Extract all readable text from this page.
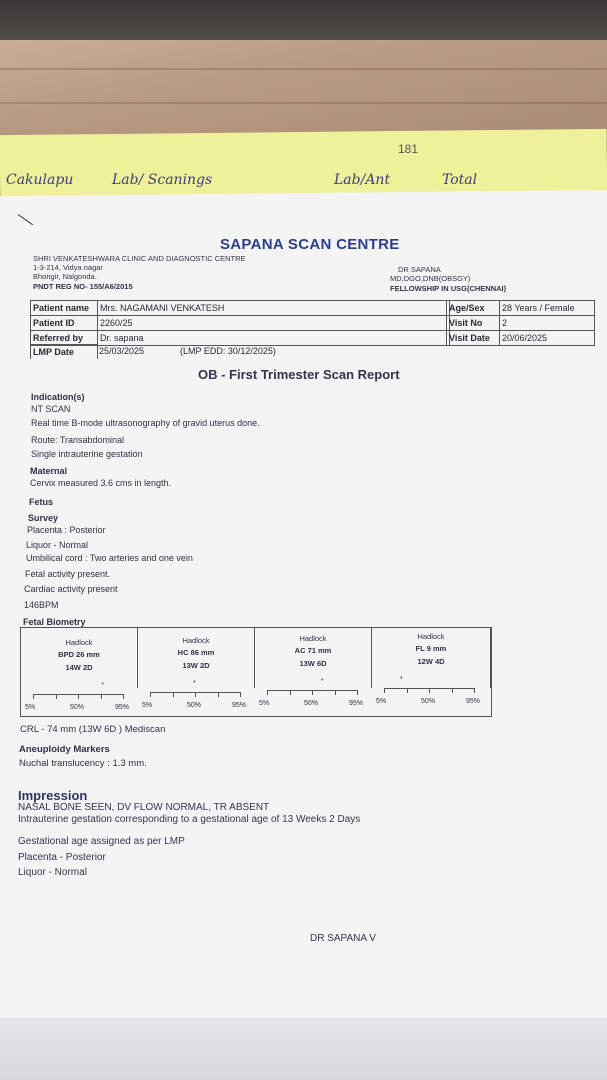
181
Cakulapu	Lab/ Scanings	Lab/Ant	Total
SAPANA SCAN CENTRE
SHRI VENKATESHWARA CLINIC AND DIAGNOSTIC CENTRE
1-3-214, Vidya nagar
Bhongir, Nalgonda.
PNDT REG NO- 155/A6/2015
DR SAPANA
MD,DGO,DNB(OBSGY)
FELLOWSHIP IN USG(CHENNAI)
Patient name	Mrs. NAGAMANI VENKATESH
Patient ID	2260/25
Referred by	Dr. sapana
LMP Date	25/03/2025	(LMP EDD: 30/12/2025)
Age/Sex	28 Years / Female
Visit No	2
Visit Date	20/06/2025
OB - First Trimester Scan Report
Indication(s)
NT SCAN
Real time B-mode ultrasonography of gravid uterus done.
Route: Transabdominal
Single intrauterine gestation
Maternal
Cervix measured 3.6 cms in length.
Fetus
Survey
Placenta : Posterior
Liquor - Normal
Umbilical cord : Two arteries and one vein
Fetal activity present.
Cardiac activity present
146BPM
Fetal Biometry
Hadlock
BPD 26 mm
14W 2D
Hadlock
HC 86 mm
13W 2D
Hadlock
AC 71 mm
13W 6D
Hadlock
FL 9 mm
12W 4D
*
5%	50%	95%
*
5%	50%	95%
*
5%	50%	95%
*
5%	50%	95%
CRL - 74 mm (13W 6D ) Mediscan
Aneuploidy Markers
Nuchal translucency : 1.3 mm.
Impression
NASAL BONE SEEN, DV FLOW NORMAL, TR ABSENT
Intrauterine gestation corresponding to a gestational age of 13 Weeks 2 Days
Gestational age assigned as per LMP
Placenta - Posterior
Liquor - Normal
DR SAPANA V
